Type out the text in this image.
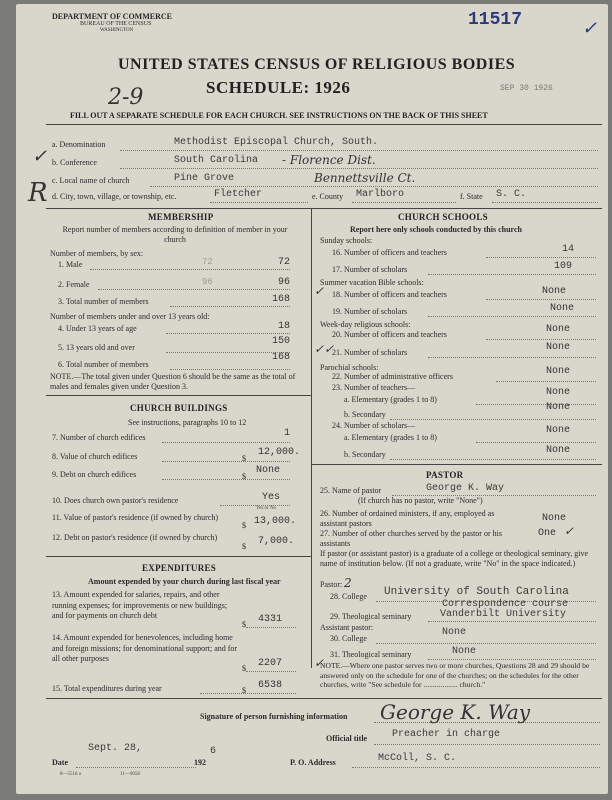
DEPARTMENT OF COMMERCE
BUREAU OF THE CENSUS
WASHINGTON
11517	✓
UNITED STATES CENSUS OF RELIGIOUS BODIES
SCHEDULE: 1926
2-9	SEP 30 1926
FILL OUT A SEPARATE SCHEDULE FOR EACH CHURCH. SEE INSTRUCTIONS ON THE BACK OF THIS SHEET
✓
R
a. Denomination	Methodist Episcopal Church, South.
b. Conference	South Carolina - Florence Dist.
c. Local name of church	Pine Grove	Bennettsville Ct.
d. City, town, village, or township, etc.	Fletcher	e. County Marlboro	f. State S. C.
MEMBERSHIP
Report number of members according to definition of member in your church
Number of members, by sex:
1. Male	72	72
2. Female	96	96
3. Total number of members	168
Number of members under and over 13 years old:
4. Under 13 years of age	18
5. 13 years old and over
150
6. Total number of members
168
NOTE.—The total given under Question 6 should be the same as the total of males and females given under Question 3.
CHURCH BUILDINGS
See instructions, paragraphs 10 to 12
7. Number of church edifices	1
8. Value of church edifices	$
12,000.
9. Debt on church edifices	$
None
10. Does church own pastor's residence	Yes
Yes or No
11. Value of pastor's residence (if owned by church)
$ 13,000.
12. Debt on pastor's residence (if owned by church)
$	7,000.
EXPENDITURES
Amount expended by your church during last fiscal year
13. Amount expended for salaries, repairs, and other running expenses; for improvements or new buildings; and for payments on church debt
$	4331
14. Amount expended for benevolences, including home and foreign missions; for denominational support; and for all other purposes
$	2207
15. Total expenditures during year	$	6538
CHURCH SCHOOLS
Report here only schools conducted by this church
Sunday schools:
16. Number of officers and teachers	14
17. Number of scholars	109
Summer vacation Bible schools:
✓ 18. Number of officers and teachers	None
19. Number of scholars	None
Week-day religious schools:
20. Number of officers and teachers	None
✓✓
21. Number of scholars	None
Parochial schools:
22. Number of administrative officers	None
23. Number of teachers—
a. Elementary (grades 1 to 8)
None
b. Secondary
None
24. Number of scholars—
a. Elementary (grades 1 to 8)
None
b. Secondary	None
PASTOR
25. Name of pastor	George K. Way
(If church has no pastor, write "None")
26. Number of ordained ministers, if any, employed as assistant pastors	None
27. Number of other churches served by the pastor or his assistants
One ✓
If pastor (or assistant pastor) is a graduate of a college or theological seminary, give name of institution below. (If not a graduate, write "No" in the space indicated.)
Pastor: 2
28. College University of South Carolina
Correspondence course
29. Theological seminary	Vanderbilt University
Assistant pastor:
30. College
None
31. Theological seminary	None
✓
NOTE.—Where one pastor serves two or more churches, Questions 28 and 29 should be answered only on the schedule for one of the churches; on the schedules for the other churches, write "See schedule for .................. church."
Signature of person furnishing information George K. Way
Official title Preacher in charge
Date
Sept. 28,
192
6
P. O. Address	McColl, S. C.
8—5518 a	11—9058
